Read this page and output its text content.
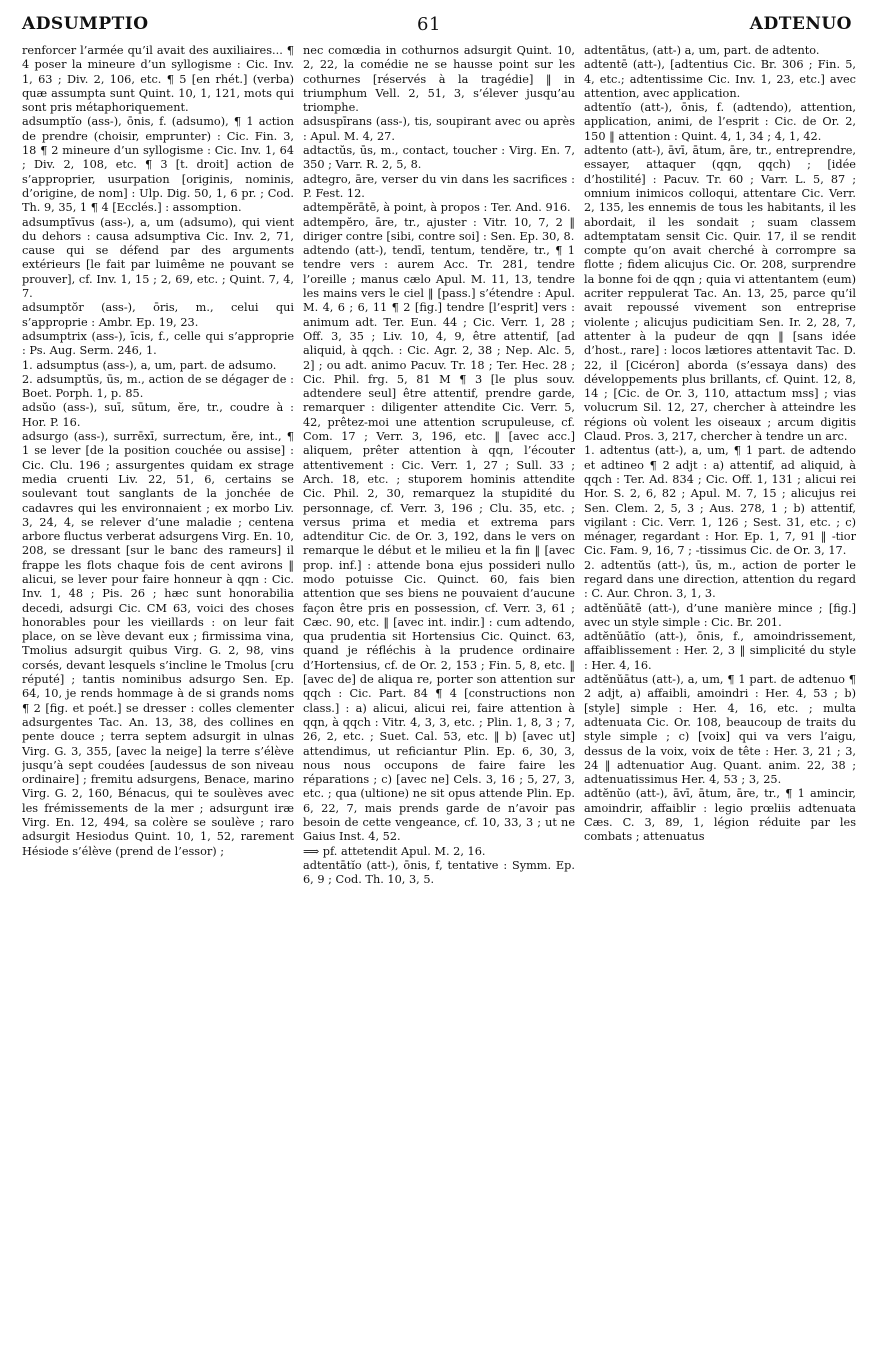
ADSUMPTIO	61	ADTENUO

renforcer l’armée qu’il avait des auxiliaires... ¶ 4 poser la mineure d’un syllogisme : Cic. Inv. 1, 63 ; Div. 2, 106, etc. ¶ 5 [en rhét.] (verba) quæ assumpta sunt Quint. 10, 1, 121, mots qui sont pris métaphoriquement.

adsumptĭo (ass-), ōnis, f. (adsumo), ¶ 1 action de prendre (choisir, emprunter) : Cic. Fin. 3, 18 ¶ 2 mineure d’un syllogisme : Cic. Inv. 1, 64 ; Div. 2, 108, etc. ¶ 3 [t. droit] action de s’approprier, usurpation [originis, nominis, d’origine, de nom] : Ulp. Dig. 50, 1, 6 pr. ; Cod. Th. 9, 35, 1 ¶ 4 [Ecclés.] : assomption.

adsumptīvus (ass-), a, um (adsumo), qui vient du dehors : causa adsumptiva Cic. Inv. 2, 71, cause qui se défend par des arguments extérieurs [le fait par luimême ne pouvant se prouver], cf. Inv. 1, 15 ; 2, 69, etc. ; Quint. 7, 4, 7.

adsumptŏr (ass-), ōris, m., celui qui s’approprie : Ambr. Ep. 19, 23.

adsumptrix (ass-), īcis, f., celle qui s’approprie : Ps. Aug. Serm. 246, 1.

1. adsumptus (ass-), a, um, part. de adsumo.

2. adsumptŭs, ūs, m., action de se dégager de : Boet. Porph. 1, p. 85.

adsŭo (ass-), suī, sūtum, ĕre, tr., coudre à : Hor. P. 16.

adsurgo (ass-), surrēxī, surrectum, ĕre, int., ¶ 1 se lever [de la position couchée ou assise] : Cic. Clu. 196 ; assurgentes quidam ex strage media cruenti Liv. 22, 51, 6, certains se soulevant tout sanglants de la jonchée de cadavres qui les environnaient ; ex morbo Liv. 3, 24, 4, se relever d’une maladie ; centena arbore fluctus verberat adsurgens Virg. En. 10, 208, se dressant [sur le banc des rameurs] il frappe les flots chaque fois de cent avirons ‖ alicui, se lever pour faire honneur à qqn : Cic. Inv. 1, 48 ; Pis. 26 ; hæc sunt honorabilia decedi, adsurgi Cic. CM 63, voici des choses honorables pour les vieillards : on leur fait place, on se lève devant eux ; firmissima vina, Tmolius adsurgit quibus Virg. G. 2, 98, vins corsés, devant lesquels s’incline le Tmolus [cru réputé] ; tantis nominibus adsurgo Sen. Ep. 64, 10, je rends hommage à de si grands noms ¶ 2 [fig. et poét.] se dresser : colles clementer adsurgentes Tac. An. 13, 38, des collines en pente douce ; terra septem adsurgit in ulnas Virg. G. 3, 355, [avec la neige] la terre s’élève jusqu’à sept coudées [audessus de son niveau ordinaire] ; fremitu adsurgens, Benace, marino Virg. G. 2, 160, Bénacus, qui te soulèves avec les frémissements de la mer ; adsurgunt iræ Virg. En. 12, 494, sa colère se soulève ; raro adsurgit Hesiodus Quint. 10, 1, 52, rarement Hésiode s’élève (prend de l’essor) ;

nec comœdia in cothurnos adsurgit Quint. 10, 2, 22, la comédie ne se hausse point sur les cothurnes [réservés à la tragédie] ‖ in triumphum Vell. 2, 51, 3, s’élever jusqu’au triomphe.

adsuspīrans (ass-), tis, soupirant avec ou après : Apul. M. 4, 27.

adtactŭs, ūs, m., contact, toucher : Virg. En. 7, 350 ; Varr. R. 2, 5, 8.

adtegro, āre, verser du vin dans les sacrifices : P. Fest. 12.

adtempĕrātē, à point, à propos : Ter. And. 916.

adtempĕro, āre, tr., ajuster : Vitr. 10, 7, 2 ‖ diriger contre [sibi, contre soi] : Sen. Ep. 30, 8.

adtendo (att-), tendī, tentum, tendĕre, tr., ¶ 1 tendre vers : aurem Acc. Tr. 281, tendre l’oreille ; manus cælo Apul. M. 11, 13, tendre les mains vers le ciel ‖ [pass.] s’étendre : Apul. M. 4, 6 ; 6, 11 ¶ 2 [fig.] tendre [l’esprit] vers : animum adt. Ter. Eun. 44 ; Cic. Verr. 1, 28 ; Off. 3, 35 ; Liv. 10, 4, 9, être attentif, [ad aliquid, à qqch. : Cic. Agr. 2, 38 ; Nep. Alc. 5, 2] ; ou adt. animo Pacuv. Tr. 18 ; Ter. Hec. 28 ; Cic. Phil. frg. 5, 81 M ¶ 3 [le plus souv. adtendere seul] être attentif, prendre garde, remarquer : diligenter attendite Cic. Verr. 5, 42, prêtez-moi une attention scrupuleuse, cf. Com. 17 ; Verr. 3, 196, etc. ‖ [avec acc.] aliquem, prêter attention à qqn, l’écouter attentivement : Cic. Verr. 1, 27 ; Sull. 33 ; Arch. 18, etc. ; stuporem hominis attendite Cic. Phil. 2, 30, remarquez la stupidité du personnage, cf. Verr. 3, 196 ; Clu. 35, etc. ; versus prima et media et extrema pars adtenditur Cic. de Or. 3, 192, dans le vers on remarque le début et le milieu et la fin ‖ [avec prop. inf.] : attende bona ejus possideri nullo modo potuisse Cic. Quinct. 60, fais bien attention que ses biens ne pouvaient d’aucune façon être pris en possession, cf. Verr. 3, 61 ; Cæc. 90, etc. ‖ [avec int. indir.] : cum adtendo, qua prudentia sit Hortensius Cic. Quinct. 63, quand je réfléchis à la prudence ordinaire d’Hortensius, cf. de Or. 2, 153 ; Fin. 5, 8, etc. ‖ [avec de] de aliqua re, porter son attention sur qqch : Cic. Part. 84 ¶ 4 [constructions non class.] : a) alicui, alicui rei, faire attention à qqn, à qqch : Vitr. 4, 3, 3, etc. ; Plin. 1, 8, 3 ; 7, 26, 2, etc. ; Suet. Cal. 53, etc. ‖ b) [avec ut] attendimus, ut reficiantur Plin. Ep. 6, 30, 3, nous nous occupons de faire faire les réparations ; c) [avec ne] Cels. 3, 16 ; 5, 27, 3, etc. ; qua (ultione) ne sit opus attende Plin. Ep. 6, 22, 7, mais prends garde de n’avoir pas besoin de cette vengeance, cf. 10, 33, 3 ; ut ne Gaius Inst. 4, 52.

⟹ pf. attetendit Apul. M. 2, 16.

adtentātĭo (att-), ōnis, f, tentative : Symm. Ep. 6, 9 ; Cod. Th. 10, 3, 5.

adtentātus, (att-) a, um, part. de adtento.

adtentē (att-), [adtentius Cic. Br. 306 ; Fin. 5, 4, etc.; adtentissime Cic. Inv. 1, 23, etc.] avec attention, avec application.

adtentĭo (att-), ōnis, f. (adtendo), attention, application, animi, de l’esprit : Cic. de Or. 2, 150 ‖ attention : Quint. 4, 1, 34 ; 4, 1, 42.

adtento (att-), āvī, ātum, āre, tr., entreprendre, essayer, attaquer (qqn, qqch) ; [idée d’hostilité] : Pacuv. Tr. 60 ; Varr. L. 5, 87 ; omnium inimicos colloqui, attentare Cic. Verr. 2, 135, les ennemis de tous les habitants, il les abordait, il les sondait ; suam classem adtemptatam sensit Cic. Quir. 17, il se rendit compte qu’on avait cherché à corrompre sa flotte ; fidem alicujus Cic. Or. 208, surprendre la bonne foi de qqn ; quia vi attentantem (eum) acriter reppulerat Tac. An. 13, 25, parce qu’il avait repoussé vivement son entreprise violente ; alicujus pudicitiam Sen. Ir. 2, 28, 7, attenter à la pudeur de qqn ‖ [sans idée d’host., rare] : locos lætiores attentavit Tac. D. 22, il [Cicéron] aborda (s’essaya dans) des développements plus brillants, cf. Quint. 12, 8, 14 ; [Cic. de Or. 3, 110, attactum mss] ; vias volucrum Sil. 12, 27, chercher à atteindre les régions où volent les oiseaux ; arcum digitis Claud. Pros. 3, 217, chercher à tendre un arc.

1. adtentus (att-), a, um, ¶ 1 part. de adtendo et adtineo ¶ 2 adjt : a) attentif, ad aliquid, à qqch : Ter. Ad. 834 ; Cic. Off. 1, 131 ; alicui rei Hor. S. 2, 6, 82 ; Apul. M. 7, 15 ; alicujus rei Sen. Clem. 2, 5, 3 ; Aus. 278, 1 ; b) attentif, vigilant : Cic. Verr. 1, 126 ; Sest. 31, etc. ; c) ménager, regardant : Hor. Ep. 1, 7, 91 ‖ -tior Cic. Fam. 9, 16, 7 ; -tissimus Cic. de Or. 3, 17.

2. adtentŭs (att-), ūs, m., action de porter le regard dans une direction, attention du regard : C. Aur. Chron. 3, 1, 3.

adtĕnŭātē (att-), d’une manière mince ; [fig.] avec un style simple : Cic. Br. 201.

adtĕnŭātĭo (att-), ōnis, f., amoindrissement, affaiblissement : Her. 2, 3 ‖ simplicité du style : Her. 4, 16.

adtĕnŭātus (att-), a, um, ¶ 1 part. de adtenuo ¶ 2 adjt, a) affaibli, amoindri : Her. 4, 53 ; b) [style] simple : Her. 4, 16, etc. ; multa adtenuata Cic. Or. 108, beaucoup de traits du style simple ; c) [voix] qui va vers l’aigu, dessus de la voix, voix de tête : Her. 3, 21 ; 3, 24 ‖ adtenuatior Aug. Quant. anim. 22, 38 ; adtenuatissimus Her. 4, 53 ; 3, 25.

adtĕnŭo (att-), āvī, ātum, āre, tr., ¶ 1 amincir, amoindrir, affaiblir : legio prœliis adtenuata Cæs. C. 3, 89, 1, légion réduite par les combats ; attenuatus
